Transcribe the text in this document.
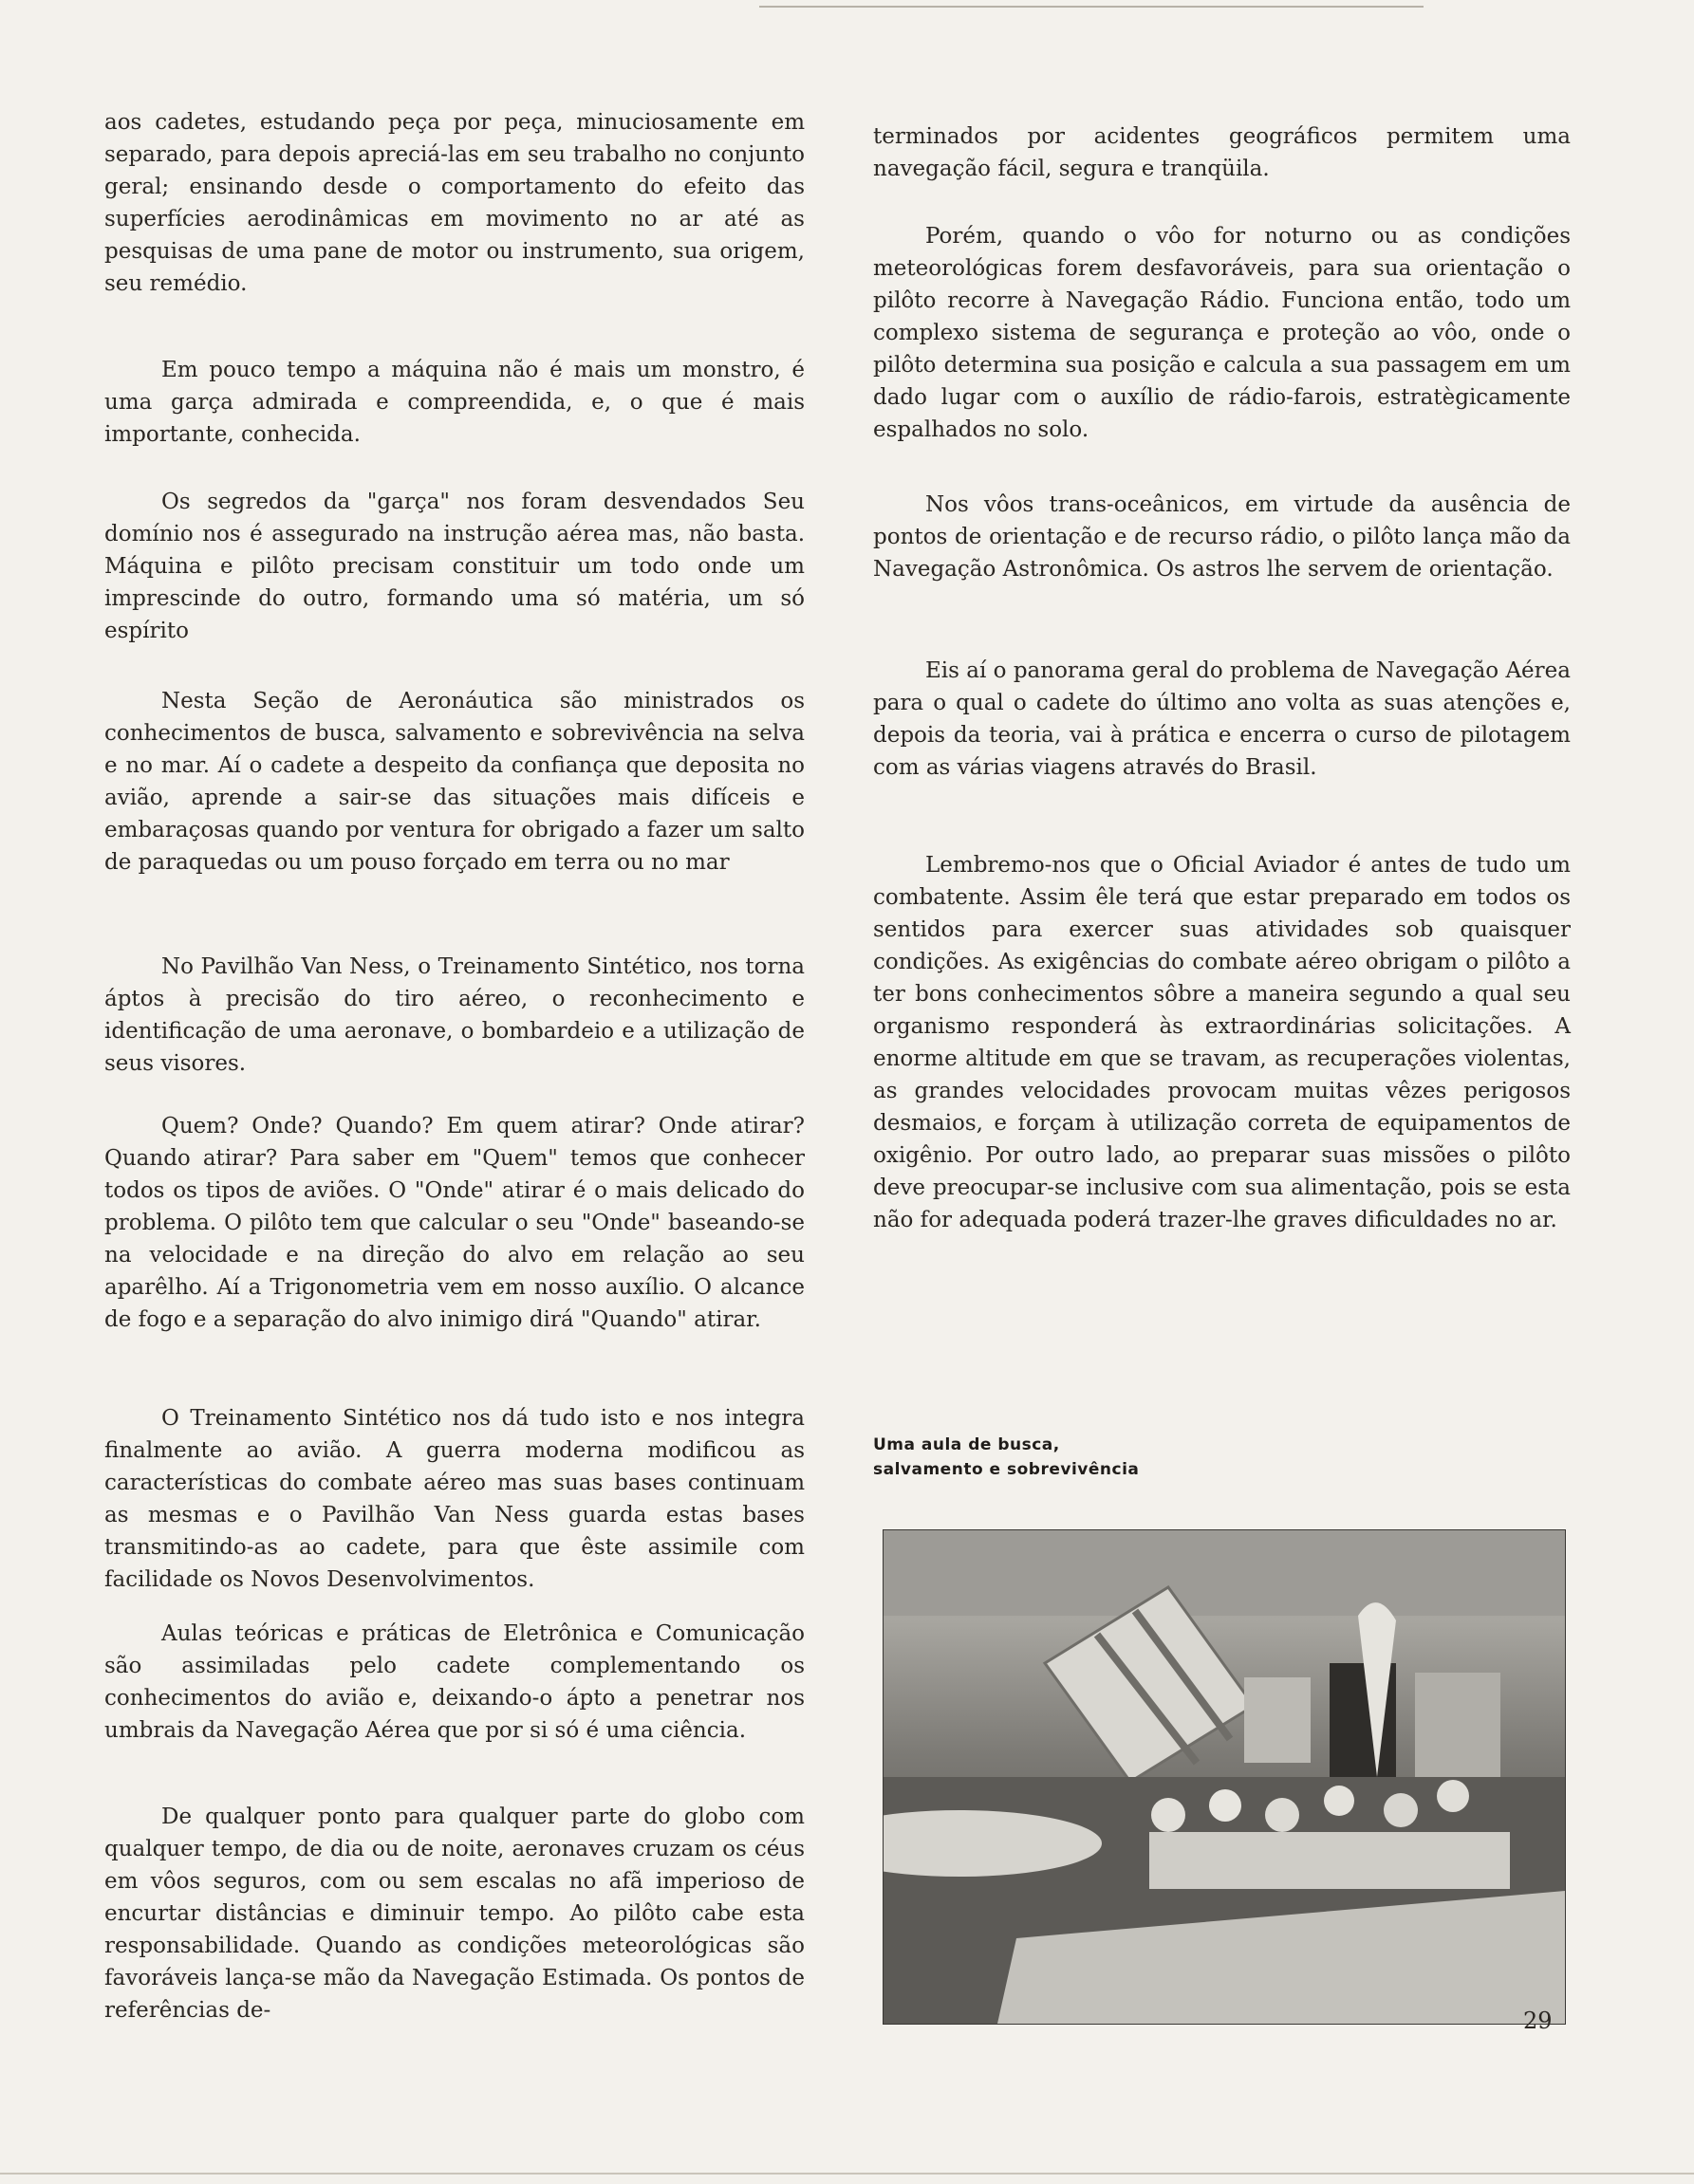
aos cadetes, estudando peça por peça, minuciosamente em separado, para depois apreciá-las em seu trabalho no conjunto geral; ensinando desde o comportamento do efeito das superfícies aerodinâmicas em movimento no ar até as pesquisas de uma pane de motor ou instrumento, sua origem, seu remédio.

Em pouco tempo a máquina não é mais um monstro, é uma garça admirada e compreendida, e, o que é mais importante, conhecida.

Os segredos da "garça" nos foram desvendados Seu domínio nos é assegurado na instrução aérea mas, não basta. Máquina e pilôto precisam constituir um todo onde um imprescinde do outro, formando uma só matéria, um só espírito

Nesta Seção de Aeronáutica são ministrados os conhecimentos de busca, salvamento e sobrevivência na selva e no mar. Aí o cadete a despeito da confiança que deposita no avião, aprende a sair-se das situações mais difíceis e embaraçosas quando por ventura for obrigado a fazer um salto de paraquedas ou um pouso forçado em terra ou no mar

No Pavilhão Van Ness, o Treinamento Sintético, nos torna áptos à precisão do tiro aéreo, o reconhecimento e identificação de uma aeronave, o bombardeio e a utilização de seus visores.

Quem? Onde? Quando? Em quem atirar? Onde atirar? Quando atirar? Para saber em "Quem" temos que conhecer todos os tipos de aviões. O "Onde" atirar é o mais delicado do problema. O pilôto tem que calcular o seu "Onde" baseando-se na velocidade e na direção do alvo em relação ao seu aparêlho. Aí a Trigonometria vem em nosso auxílio. O alcance de fogo e a separação do alvo inimigo dirá "Quando" atirar.

O Treinamento Sintético nos dá tudo isto e nos integra finalmente ao avião. A guerra moderna modificou as características do combate aéreo mas suas bases continuam as mesmas e o Pavilhão Van Ness guarda estas bases transmitindo-as ao cadete, para que êste assimile com facilidade os Novos Desenvolvimentos.

Aulas teóricas e práticas de Eletrônica e Comunicação são assimiladas pelo cadete complementando os conhecimentos do avião e, deixando-o ápto a penetrar nos umbrais da Navegação Aérea que por si só é uma ciência.

De qualquer ponto para qualquer parte do globo com qualquer tempo, de dia ou de noite, aeronaves cruzam os céus em vôos seguros, com ou sem escalas no afã imperioso de encurtar distâncias e diminuir tempo. Ao pilôto cabe esta responsabilidade. Quando as condições meteorológicas são favoráveis lança-se mão da Navegação Estimada. Os pontos de referências de-

terminados por acidentes geográficos permitem uma navegação fácil, segura e tranqüila.

Porém, quando o vôo for noturno ou as condições meteorológicas forem desfavoráveis, para sua orientação o pilôto recorre à Navegação Rádio. Funciona então, todo um complexo sistema de segurança e proteção ao vôo, onde o pilôto determina sua posição e calcula a sua passagem em um dado lugar com o auxílio de rádio-farois, estratègicamente espalhados no solo.

Nos vôos trans-oceânicos, em virtude da ausência de pontos de orientação e de recurso rádio, o pilôto lança mão da Navegação Astronômica. Os astros lhe servem de orientação.

Eis aí o panorama geral do problema de Navegação Aérea para o qual o cadete do último ano volta as suas atenções e, depois da teoria, vai à prática e encerra o curso de pilotagem com as várias viagens através do Brasil.

Lembremo-nos que o Oficial Aviador é antes de tudo um combatente. Assim êle terá que estar preparado em todos os sentidos para exercer suas atividades sob quaisquer condições. As exigências do combate aéreo obrigam o pilôto a ter bons conhecimentos sôbre a maneira segundo a qual seu organismo responderá às extraordinárias solicitações. A enorme altitude em que se travam, as recuperações violentas, as grandes velocidades provocam muitas vêzes perigosos desmaios, e forçam à utilização correta de equipamentos de oxigênio. Por outro lado, ao preparar suas missões o pilôto deve preocupar-se inclusive com sua alimentação, pois se esta não for adequada poderá trazer-lhe graves dificuldades no ar.

Uma aula de busca,
salvamento e sobrevivência
29
